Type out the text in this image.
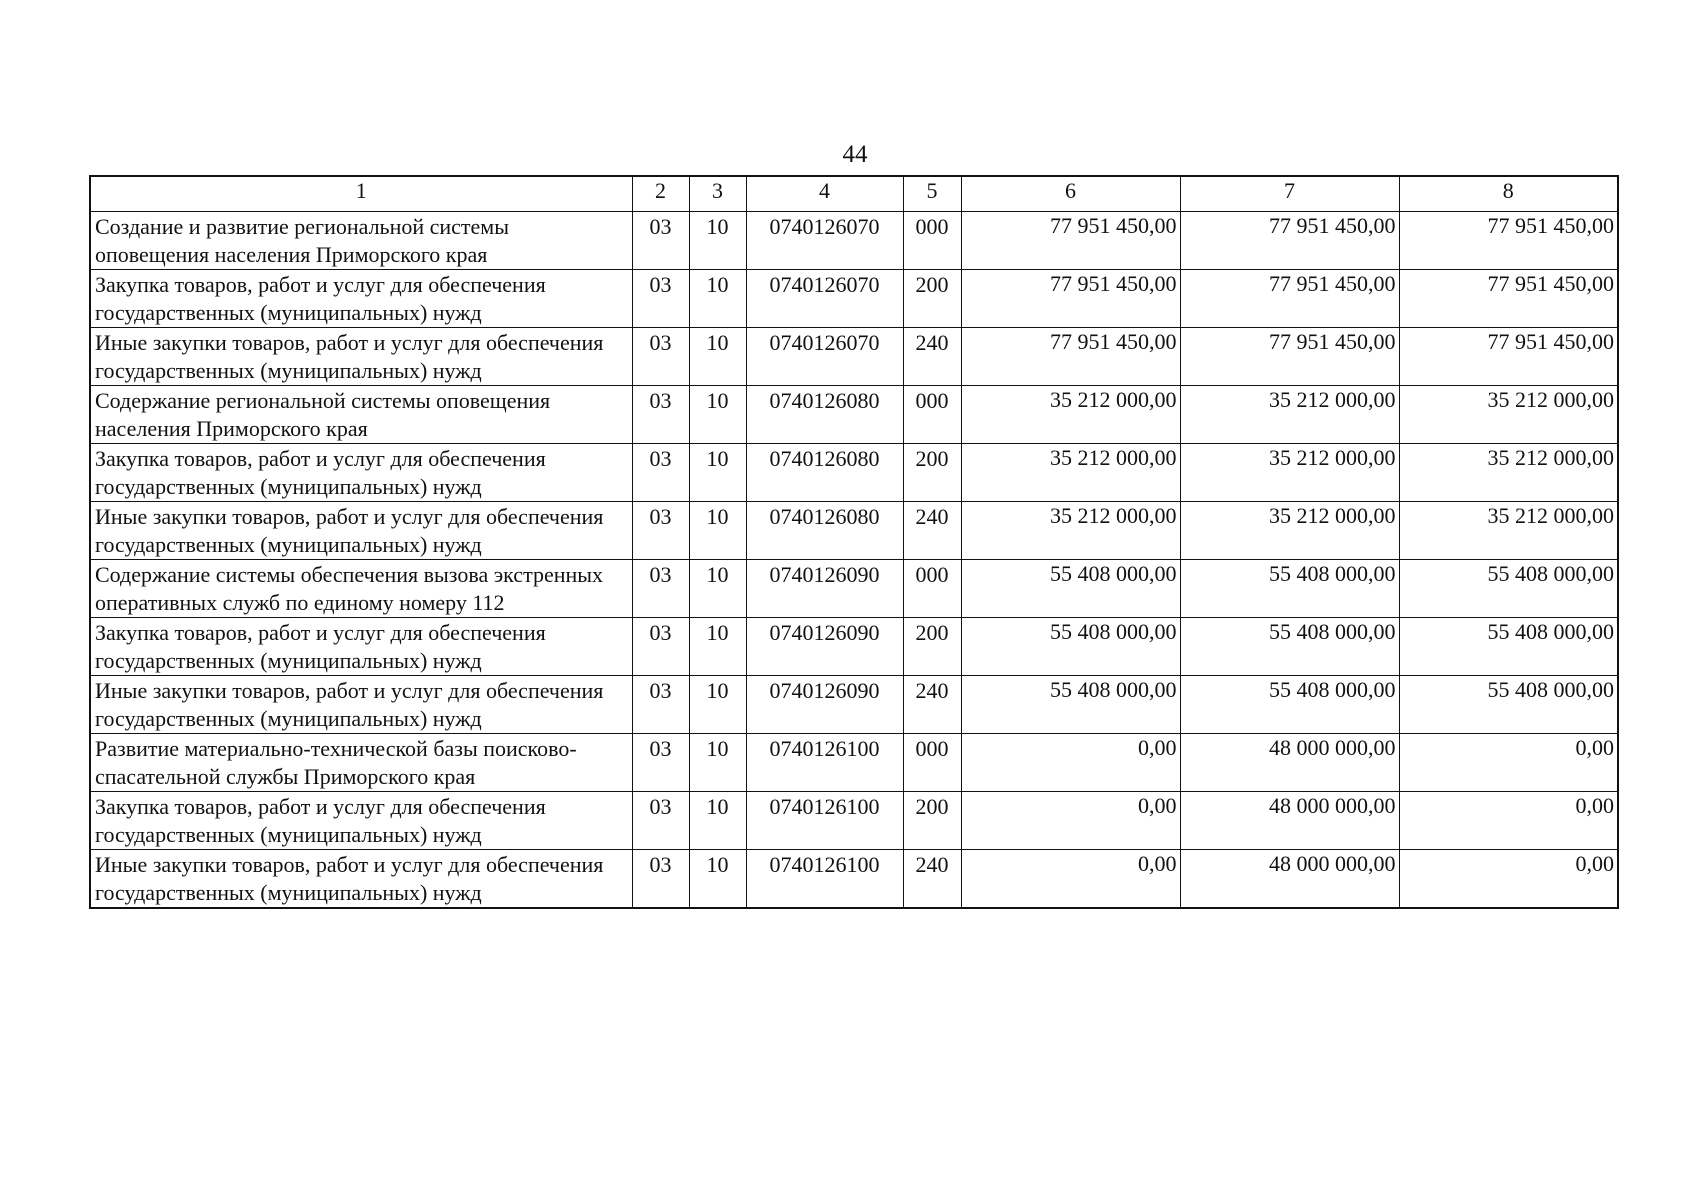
44
1	2	3	4	5	6	7	8
Создание и развитие региональной системы оповещения населения Приморского края	03	10	0740126070	000	77 951 450,00	77 951 450,00	77 951 450,00
Закупка товаров, работ и услуг для обеспечения государственных (муниципальных) нужд	03	10	0740126070	200	77 951 450,00	77 951 450,00	77 951 450,00
Иные закупки товаров, работ и услуг для обеспечения государственных (муниципальных) нужд	03	10	0740126070	240	77 951 450,00	77 951 450,00	77 951 450,00
Содержание региональной системы оповещения населения Приморского края	03	10	0740126080	000	35 212 000,00	35 212 000,00	35 212 000,00
Закупка товаров, работ и услуг для обеспечения государственных (муниципальных) нужд	03	10	0740126080	200	35 212 000,00	35 212 000,00	35 212 000,00
Иные закупки товаров, работ и услуг для обеспечения государственных (муниципальных) нужд	03	10	0740126080	240	35 212 000,00	35 212 000,00	35 212 000,00
Содержание системы обеспечения вызова экстренных оперативных служб по единому номеру 112	03	10	0740126090	000	55 408 000,00	55 408 000,00	55 408 000,00
Закупка товаров, работ и услуг для обеспечения государственных (муниципальных) нужд	03	10	0740126090	200	55 408 000,00	55 408 000,00	55 408 000,00
Иные закупки товаров, работ и услуг для обеспечения государственных (муниципальных) нужд	03	10	0740126090	240	55 408 000,00	55 408 000,00	55 408 000,00
Развитие материально-технической базы поисково-спасательной службы Приморского края	03	10	0740126100	000	0,00	48 000 000,00	0,00
Закупка товаров, работ и услуг для обеспечения государственных (муниципальных) нужд	03	10	0740126100	200	0,00	48 000 000,00	0,00
Иные закупки товаров, работ и услуг для обеспечения государственных (муниципальных) нужд	03	10	0740126100	240	0,00	48 000 000,00	0,00
